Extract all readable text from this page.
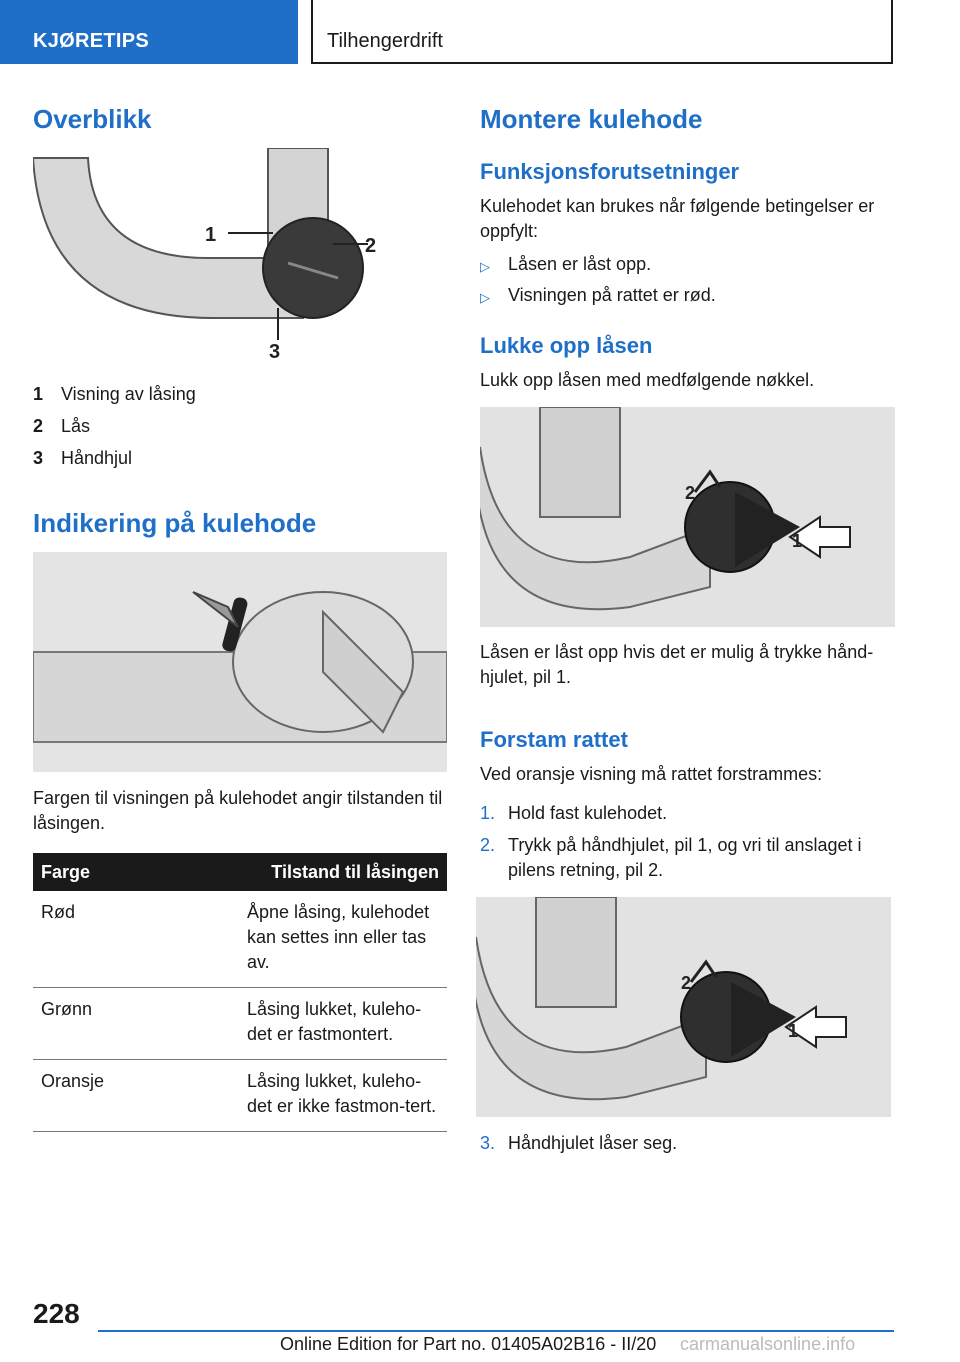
KJØRETIPS	Tilhengerdrift
Overblikk
1	2
3
1 Visning av låsing
2 Lås
3 Håndhjul
Indikering på kulehode
Fargen til visningen på kulehodet angir tilstanden til låsingen.
Farge	Tilstand til låsingen
Rød	Åpne låsing, kulehodet kan settes inn eller tas av.
Grønn	Låsing lukket, kuleho-det er fastmontert.
Oransje	Låsing lukket, kuleho-det er ikke fastmon-tert.
Montere kulehode
Funksjonsforutsetninger
Kulehodet kan brukes når følgende betingelser er oppfylt:
▷ Låsen er låst opp.
▷ Visningen på rattet er rød.
Lukke opp låsen
Lukk opp låsen med medfølgende nøkkel.
2
1
Låsen er låst opp hvis det er mulig å trykke hånd-hjulet, pil 1.
Forstam rattet
Ved oransje visning må rattet forstrammes:
1. Hold fast kulehodet.
2. Trykk på håndhjulet, pil 1, og vri til anslaget i pilens retning, pil 2.
2
1
3. Håndhjulet låser seg.
228
Online Edition for Part no. 01405A02B16 - II/20 carmanualsonline.info
